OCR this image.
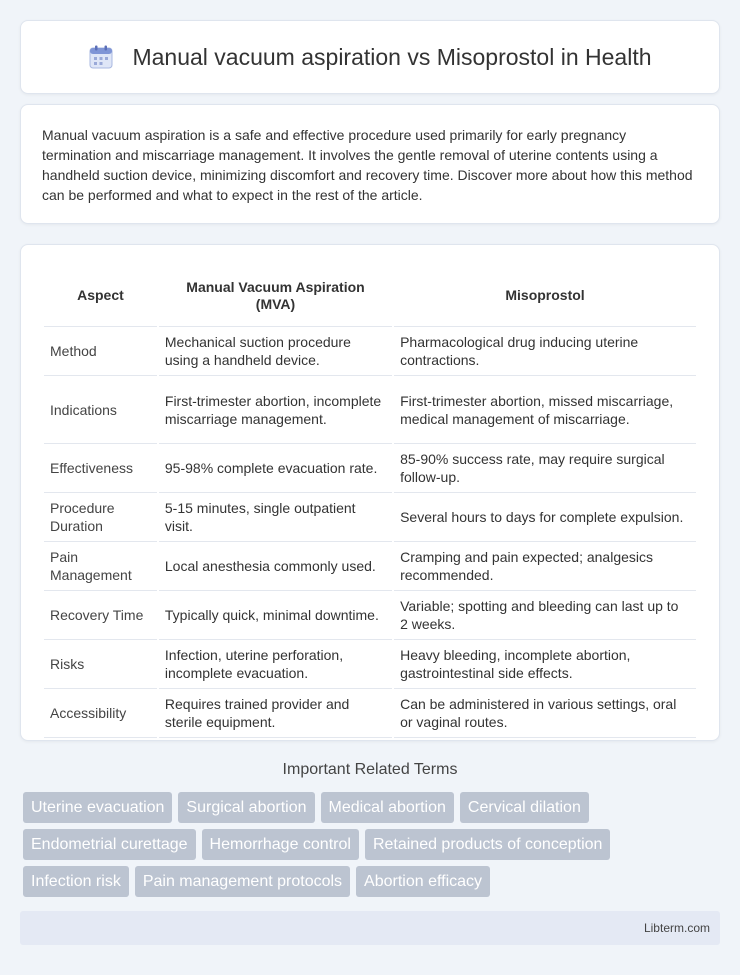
Manual vacuum aspiration vs Misoprostol in Health

Manual vacuum aspiration is a safe and effective procedure used primarily for early pregnancy termination and miscarriage management. It involves the gentle removal of uterine contents using a handheld suction device, minimizing discomfort and recovery time. Discover more about how this method can be performed and what to expect in the rest of the article.

Aspect	Manual Vacuum Aspiration (MVA)	Misoprostol
Method	Mechanical suction procedure using a handheld device.	Pharmacological drug inducing uterine contractions.
Indications	First-trimester abortion, incomplete miscarriage management.	First-trimester abortion, missed miscarriage, medical management of miscarriage.
Effectiveness	95-98% complete evacuation rate.	85-90% success rate, may require surgical follow-up.
Procedure Duration	5-15 minutes, single outpatient visit.	Several hours to days for complete expulsion.
Pain Management	Local anesthesia commonly used.	Cramping and pain expected; analgesics recommended.
Recovery Time	Typically quick, minimal downtime.	Variable; spotting and bleeding can last up to 2 weeks.
Risks	Infection, uterine perforation, incomplete evacuation.	Heavy bleeding, incomplete abortion, gastrointestinal side effects.
Accessibility	Requires trained provider and sterile equipment.	Can be administered in various settings, oral or vaginal routes.
Important Related Terms
Uterine evacuation	Surgical abortion	Medical abortion	Cervical dilation
Endometrial curettage	Hemorrhage control	Retained products of conception
Infection risk	Pain management protocols	Abortion efficacy
Libterm.com
